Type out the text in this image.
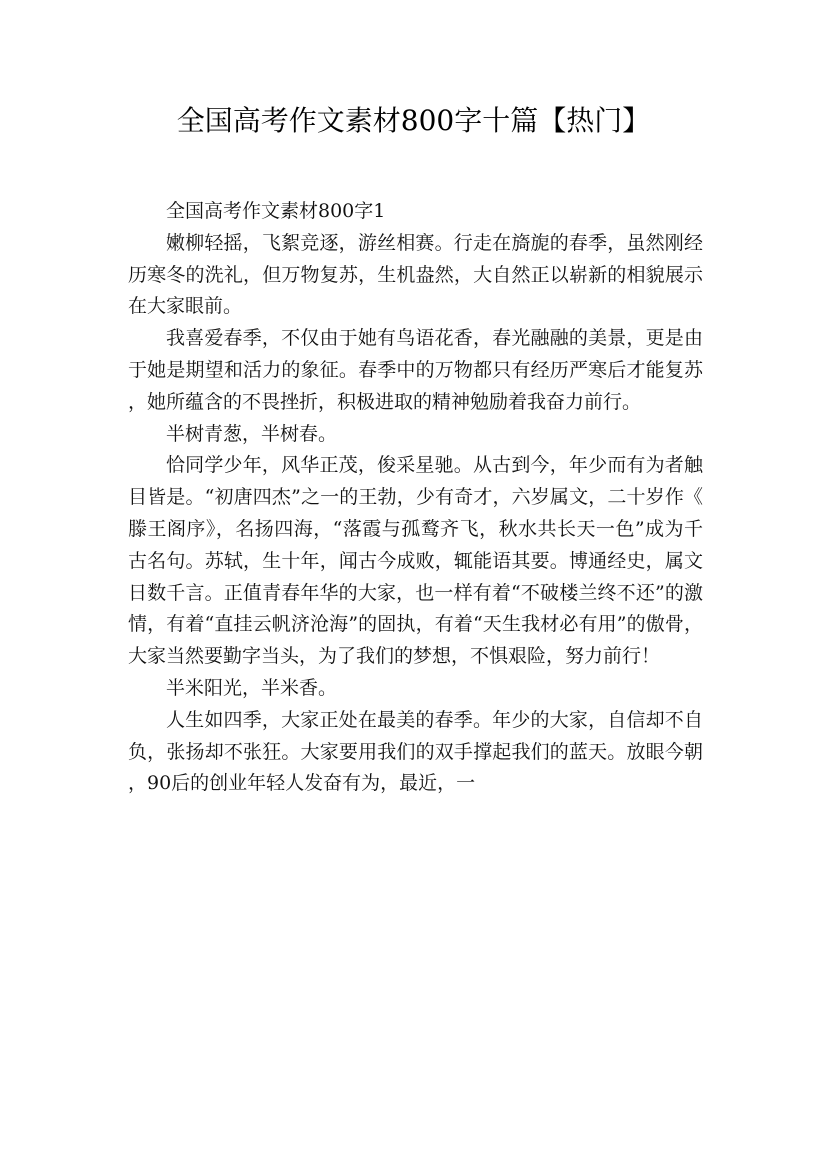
全国高考作文素材800字十篇【热门】

全国高考作文素材800字1

嫩柳轻摇，飞絮竞逐，游丝相赛。行走在旖旎的春季，虽然刚经历寒冬的洗礼，但万物复苏，生机盎然，大自然正以崭新的相貌展示在大家眼前。

我喜爱春季，不仅由于她有鸟语花香，春光融融的美景，更是由于她是期望和活力的象征。春季中的万物都只有经历严寒后才能复苏，她所蕴含的不畏挫折，积极进取的精神勉励着我奋力前行。

半树青葱，半树春。

恰同学少年，风华正茂，俊采星驰。从古到今，年少而有为者触目皆是。“初唐四杰”之一的王勃，少有奇才，六岁属文，二十岁作《滕王阁序》，名扬四海，“落霞与孤鹜齐飞，秋水共长天一色”成为千古名句。苏轼，生十年，闻古今成败，辄能语其要。博通经史，属文日数千言。正值青春年华的大家，也一样有着“不破楼兰终不还”的激情，有着“直挂云帆济沧海”的固执，有着“天生我材必有用”的傲骨，大家当然要勤字当头，为了我们的梦想，不惧艰险，努力前行！

半米阳光，半米香。

人生如四季，大家正处在最美的春季。年少的大家，自信却不自负，张扬却不张狂。大家要用我们的双手撑起我们的蓝天。放眼今朝，90后的创业年轻人发奋有为，最近，一
